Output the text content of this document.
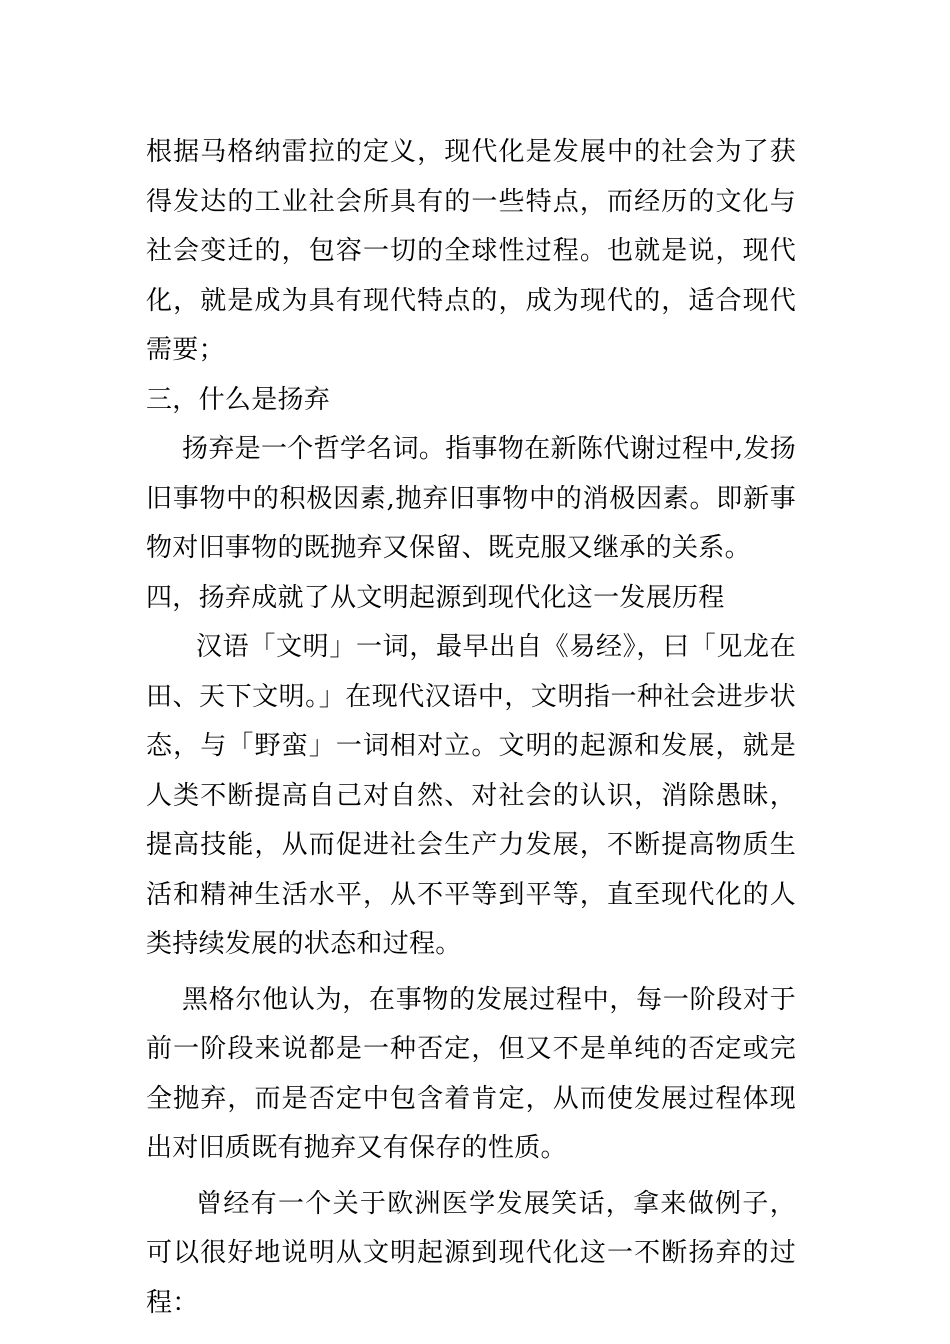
根据马格纳雷拉的定义，现代化是发展中的社会为了获得发达的工业社会所具有的一些特点，而经历的文化与社会变迁的，包容一切的全球性过程。也就是说，现代化，就是成为具有现代特点的，成为现代的，适合现代需要；

三，什么是扬弃

扬弃是一个哲学名词。指事物在新陈代谢过程中,发扬旧事物中的积极因素,抛弃旧事物中的消极因素。即新事物对旧事物的既抛弃又保留、既克服又继承的关系。

四，扬弃成就了从文明起源到现代化这一发展历程

汉语「文明」一词，最早出自《易经》，曰「见龙在田、天下文明。」在现代汉语中，文明指一种社会进步状态，与「野蛮」一词相对立。文明的起源和发展，就是人类不断提高自己对自然、对社会的认识，消除愚昧，提高技能，从而促进社会生产力发展，不断提高物质生活和精神生活水平，从不平等到平等，直至现代化的人类持续发展的状态和过程。

黑格尔他认为，在事物的发展过程中，每一阶段对于前一阶段来说都是一种否定，但又不是单纯的否定或完全抛弃，而是否定中包含着肯定，从而使发展过程体现出对旧质既有抛弃又有保存的性质。

曾经有一个关于欧洲医学发展笑话，拿来做例子，可以很好地说明从文明起源到现代化这一不断扬弃的过程：
